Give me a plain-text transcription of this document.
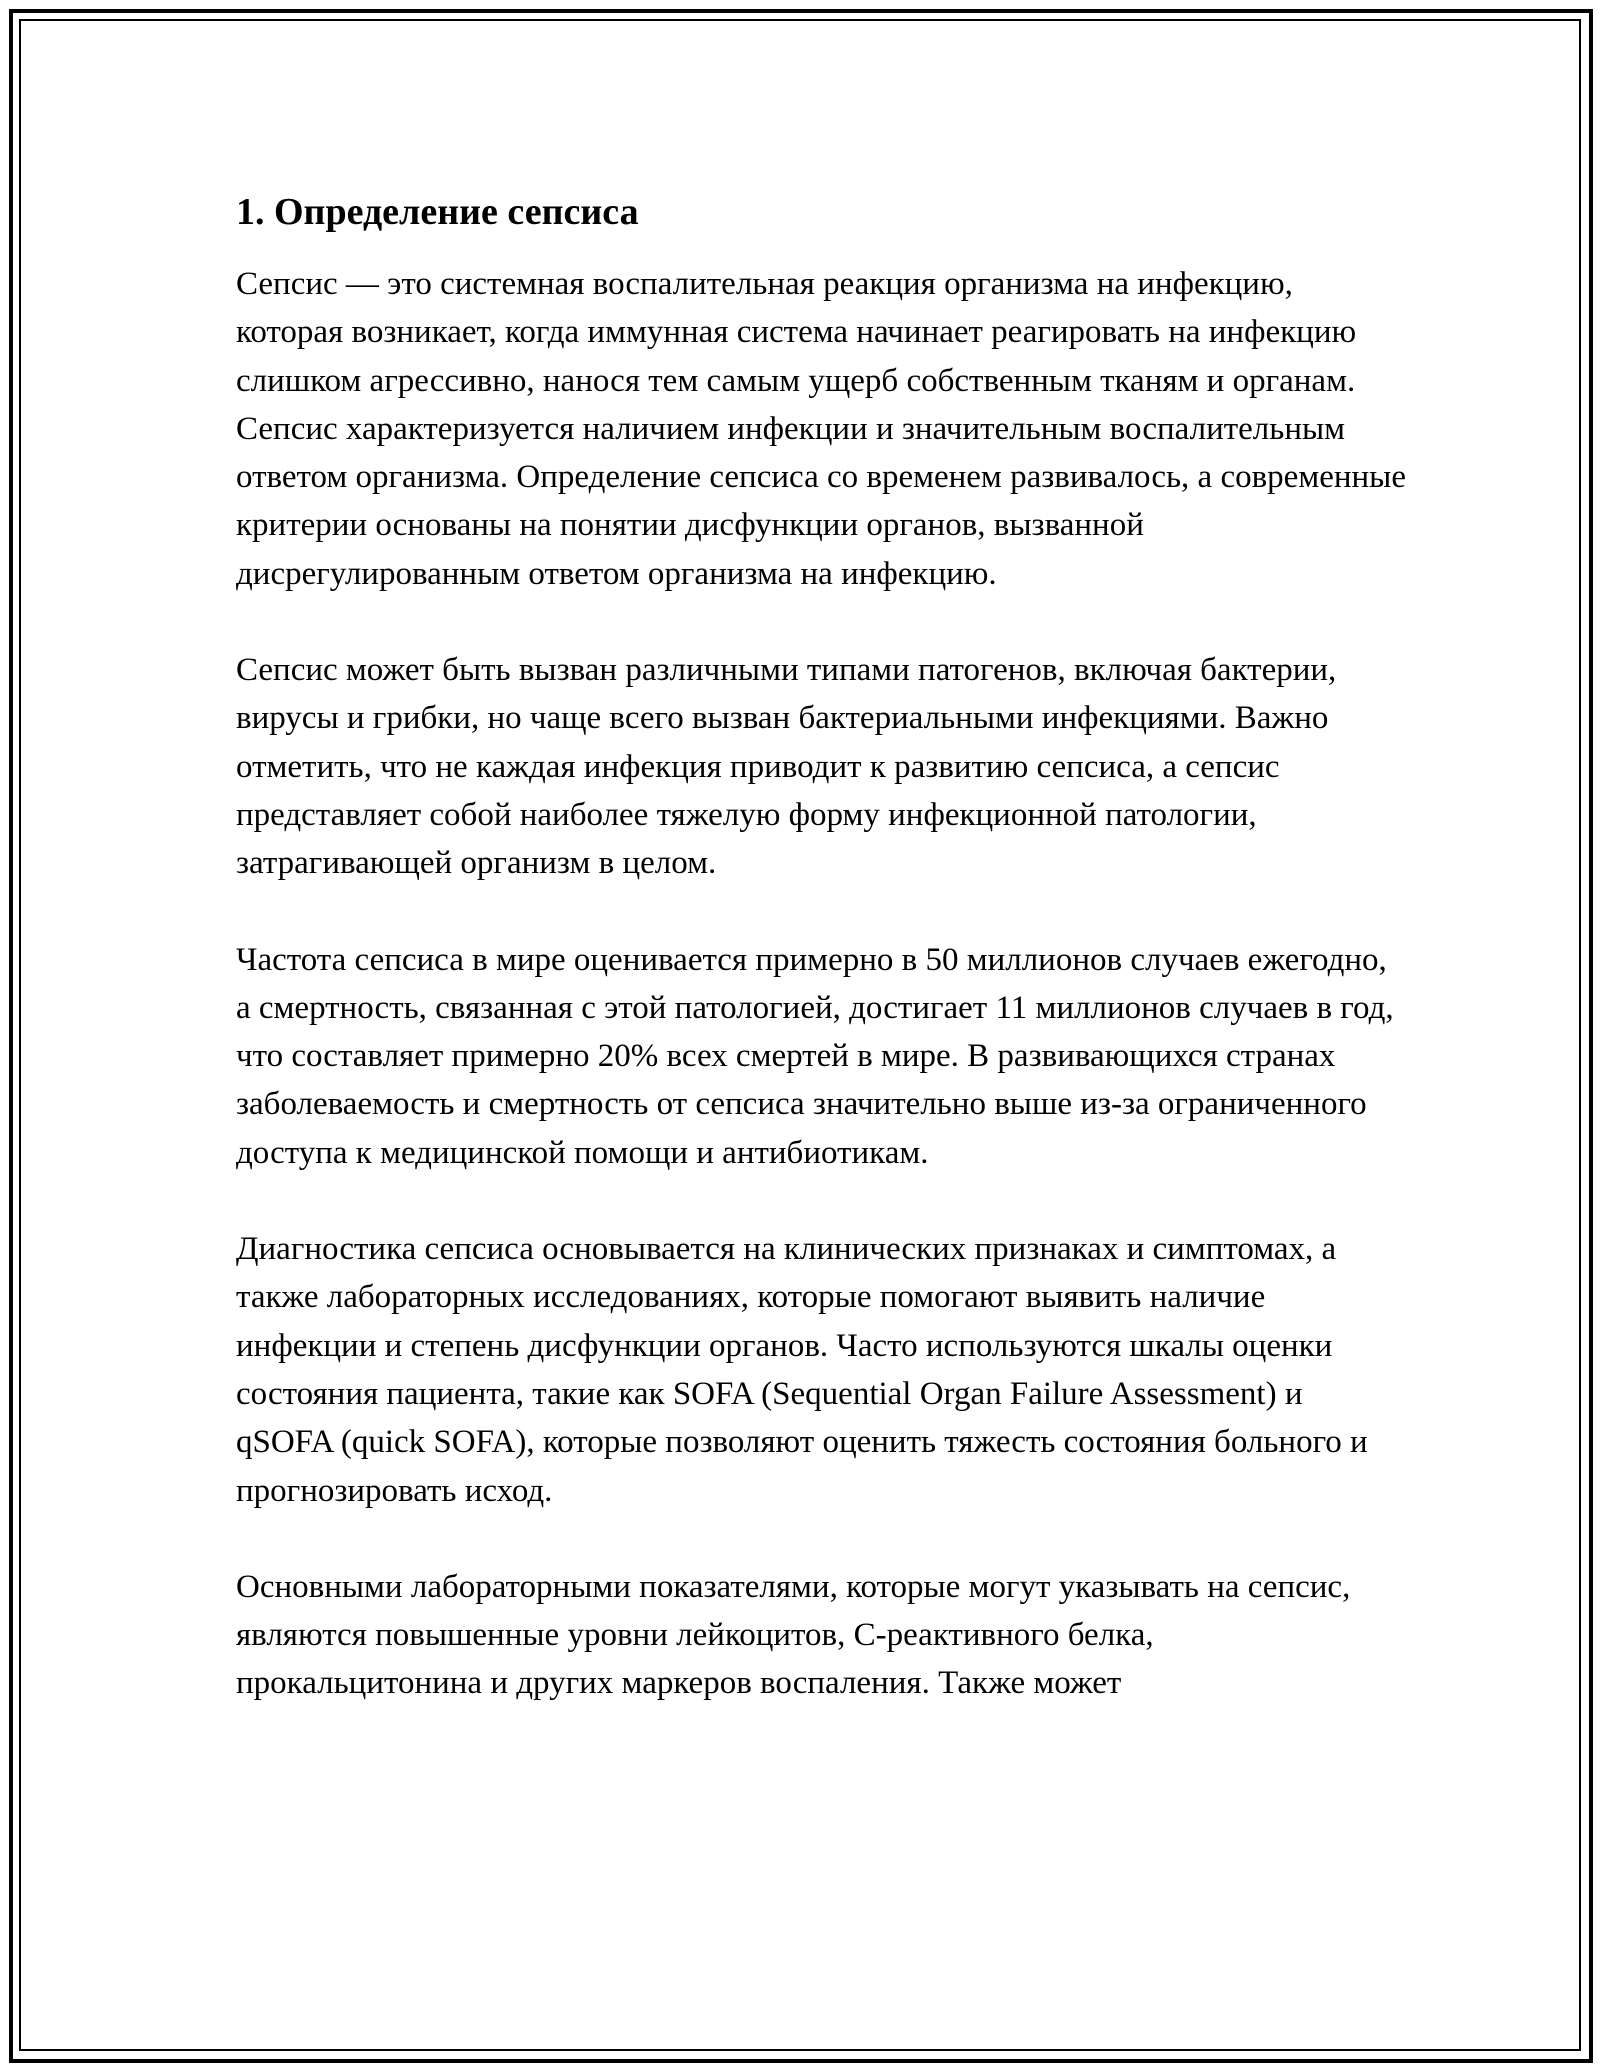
1. Определение сепсиса

Сепсис — это системная воспалительная реакция организма на инфекцию, которая возникает, когда иммунная система начинает реагировать на инфекцию слишком агрессивно, нанося тем самым ущерб собственным тканям и органам. Сепсис характеризуется наличием инфекции и значительным воспалительным ответом организма. Определение сепсиса со временем развивалось, а современные критерии основаны на понятии дисфункции органов, вызванной дисрегулированным ответом организма на инфекцию.

Сепсис может быть вызван различными типами патогенов, включая бактерии, вирусы и грибки, но чаще всего вызван бактериальными инфекциями. Важно отметить, что не каждая инфекция приводит к развитию сепсиса, а сепсис представляет собой наиболее тяжелую форму инфекционной патологии, затрагивающей организм в целом.

Частота сепсиса в мире оценивается примерно в 50 миллионов случаев ежегодно, а смертность, связанная с этой патологией, достигает 11 миллионов случаев в год, что составляет примерно 20% всех смертей в мире. В развивающихся странах заболеваемость и смертность от сепсиса значительно выше из-за ограниченного доступа к медицинской помощи и антибиотикам.

Диагностика сепсиса основывается на клинических признаках и симптомах, а также лабораторных исследованиях, которые помогают выявить наличие инфекции и степень дисфункции органов. Часто используются шкалы оценки состояния пациента, такие как SOFA (Sequential Organ Failure Assessment) и qSOFA (quick SOFA), которые позволяют оценить тяжесть состояния больного и прогнозировать исход.

Основными лабораторными показателями, которые могут указывать на сепсис, являются повышенные уровни лейкоцитов, C-реактивного белка, прокальцитонина и других маркеров воспаления. Также может
